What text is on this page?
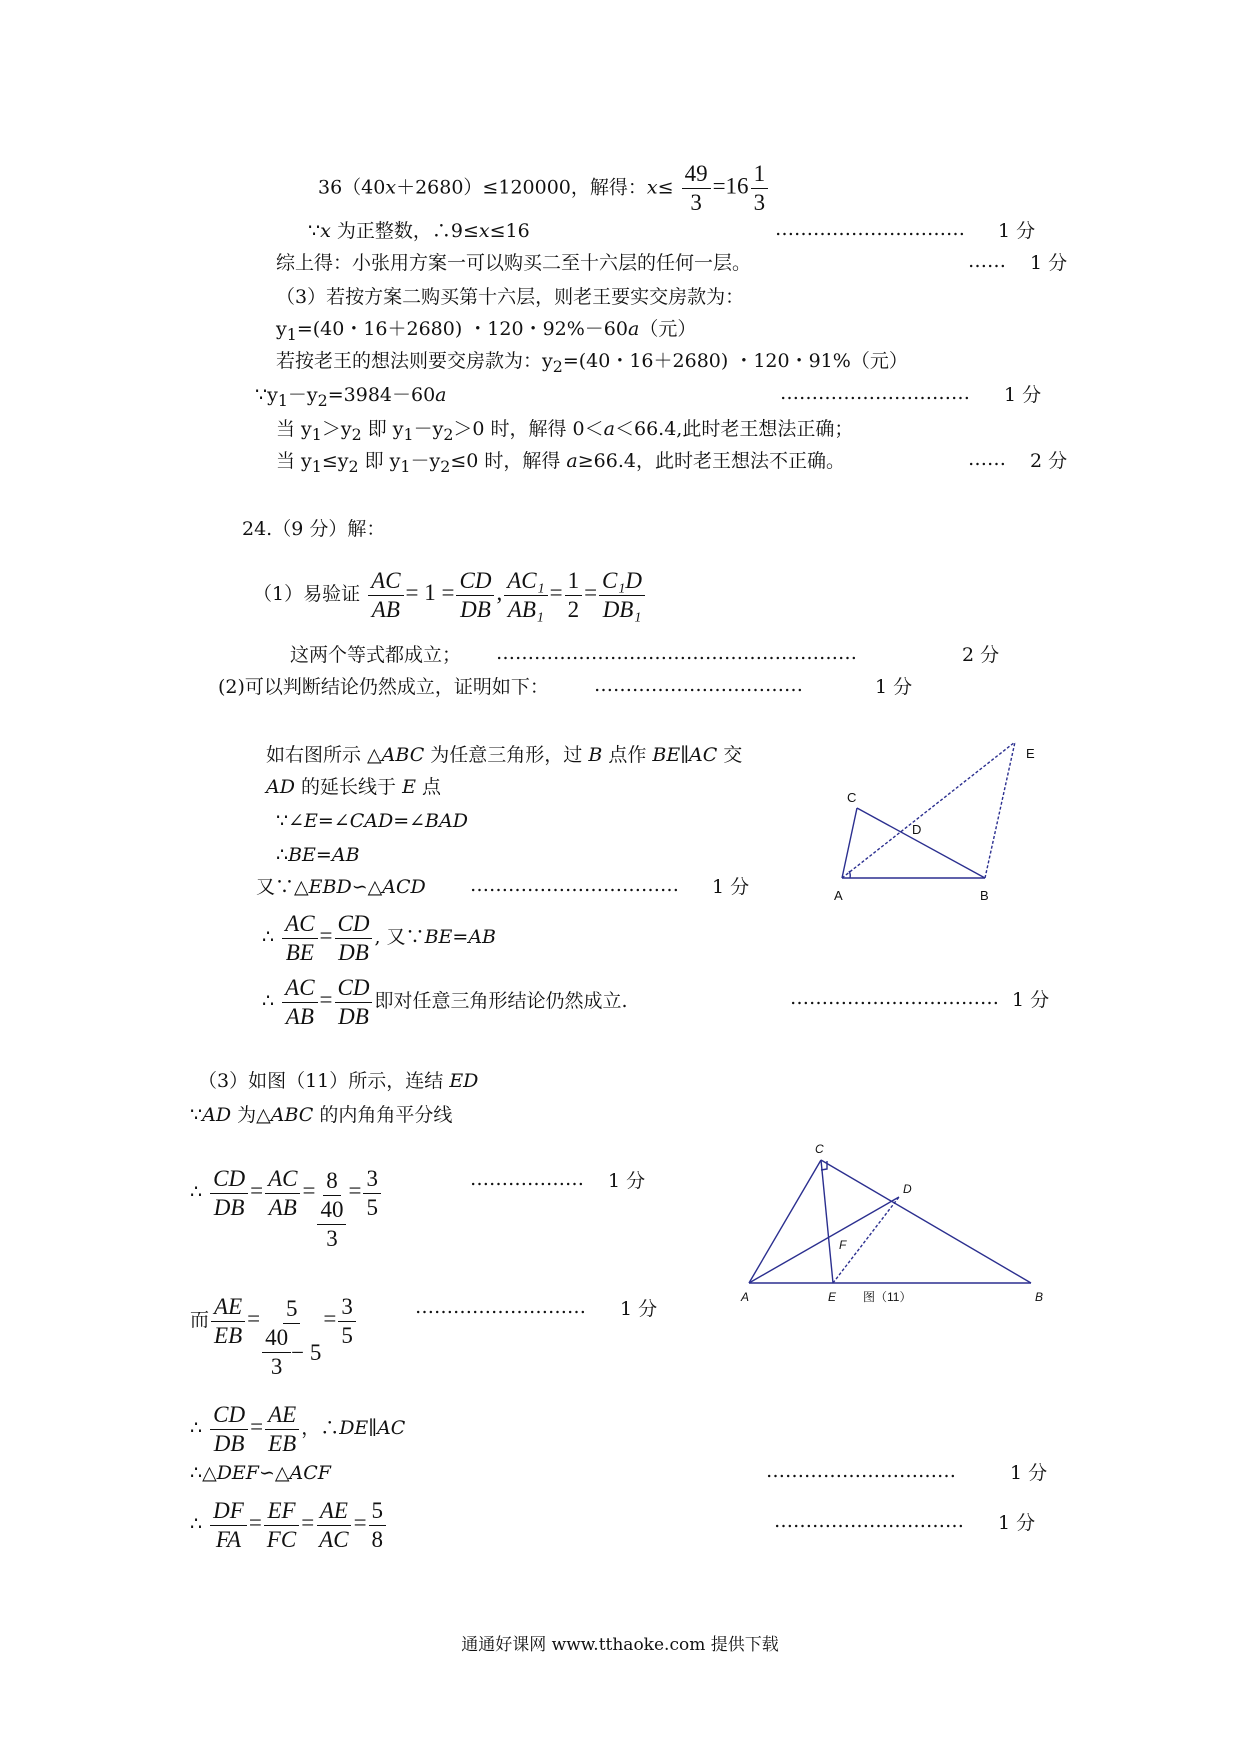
36（40x＋2680）≤120000，解得：$x\le \frac{49}{3} =16 \frac{1}{3}$
∵x 为正整数，∴9≤x≤16	………………………… 1 分
综上得：小张用方案一可以购买二至十六层的任何一层。	…… 1 分
（3）若按方案二购买第十六层，则老王要实交房款为：
$y_1=(40$・16＋2680) ・120・92%－60a（元）
若按老王的想法则要交房款为：$y_2=(40$・16＋2680) ・120・91%（元）
$\because y_1-y_2=3984-60a$	………………………… 1 分
当 $y_1>y_2$ 即 $y_1-y_2>0$ 时，解得 0＜a＜66.4,此时老王想法正确；
当 $y_1\le y_2$ 即 $y_1-y_2\le 0$ 时，解得 a≥66.4，此时老王想法不正确。	…… 2 分
24.（9 分）解：
（1）易验证 $\frac{AC}{AB} = 1 = \frac{CD}{DB}$ , $\frac{\text{AC₁}}{\text{AB₁}} = \frac{1}{2} = \frac{\text{C₁D}}{\text{DB₁}}$
这两个等式都成立； …………………………………………………	2 分
(2)可以判断结论仍然成立，证明如下： ……………………………	1 分
如右图所示 △ABC 为任意三角形，过 B 点作 BE∥AC 交
AD 的延长线于 E 点
∵∠E=∠CAD=∠BAD
∴BE=AB
又∵△EBD∽△ACD …………………………… 1 分
∴ $\frac{AC}{BE} = \frac{CD}{DB}$ , 又∵BE=AB
∴ $\frac{AC}{AB} = \frac{CD}{DB}$ 即对任意三角形结论仍然成立.	…………………………… 1 分
A	B
C
D
E
（3）如图（11）所示，连结 ED
∵AD 为△ABC 的内角角平分线
∴ $\frac{CD}{DB} = \frac{AC}{AB} = \frac{8}{\frac{40}{3}} = \frac{3}{5}$	……………… 1 分
而 $\frac{AE}{EB} = \frac{5}{\frac{40}{3} - 5} = \frac{3}{5}$	……………………… 1 分
∴ $\frac{CD}{DB} = \frac{AE}{EB}$ ，∴DE∥AC
∴△DEF∽△ACF	…………………………	1 分
∴ $\frac{DF}{FA} = \frac{EF}{FC} = \frac{AE}{AC} = \frac{5}{8}$	………………………… 1 分
A	B
C
D
E
F
图（11）
通通好课网 www.tthaoke.com 提供下载
